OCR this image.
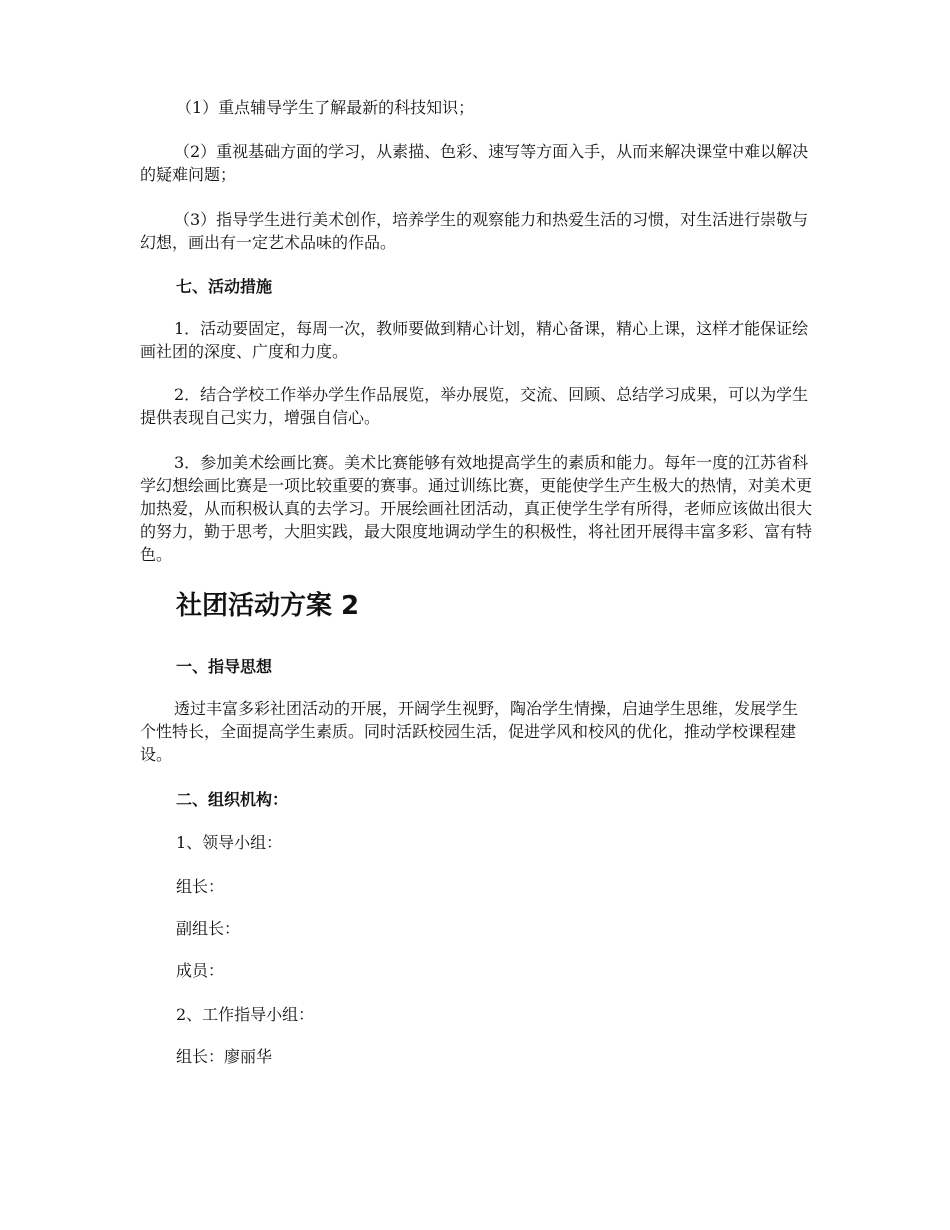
（1）重点辅导学生了解最新的科技知识；

（2）重视基础方面的学习，从素描、色彩、速写等方面入手，从而来解决课堂中难以解决的疑难问题；

（3）指导学生进行美术创作，培养学生的观察能力和热爱生活的习惯，对生活进行崇敬与幻想，画出有一定艺术品味的作品。

七、活动措施

1．活动要固定，每周一次，教师要做到精心计划，精心备课，精心上课，这样才能保证绘画社团的深度、广度和力度。

2．结合学校工作举办学生作品展览，举办展览，交流、回顾、总结学习成果，可以为学生提供表现自己实力，增强自信心。

3．参加美术绘画比赛。美术比赛能够有效地提高学生的素质和能力。每年一度的江苏省科学幻想绘画比赛是一项比较重要的赛事。通过训练比赛，更能使学生产生极大的热情，对美术更加热爱，从而积极认真的去学习。开展绘画社团活动，真正使学生学有所得，老师应该做出很大的努力，勤于思考，大胆实践，最大限度地调动学生的积极性，将社团开展得丰富多彩、富有特色。

社团活动方案 2

一、指导思想

透过丰富多彩社团活动的开展，开阔学生视野，陶冶学生情操，启迪学生思维，发展学生个性特长，全面提高学生素质。同时活跃校园生活，促进学风和校风的优化，推动学校课程建设。

二、组织机构：

1、领导小组：

组长：

副组长：

成员：

2、工作指导小组：

组长：廖丽华
